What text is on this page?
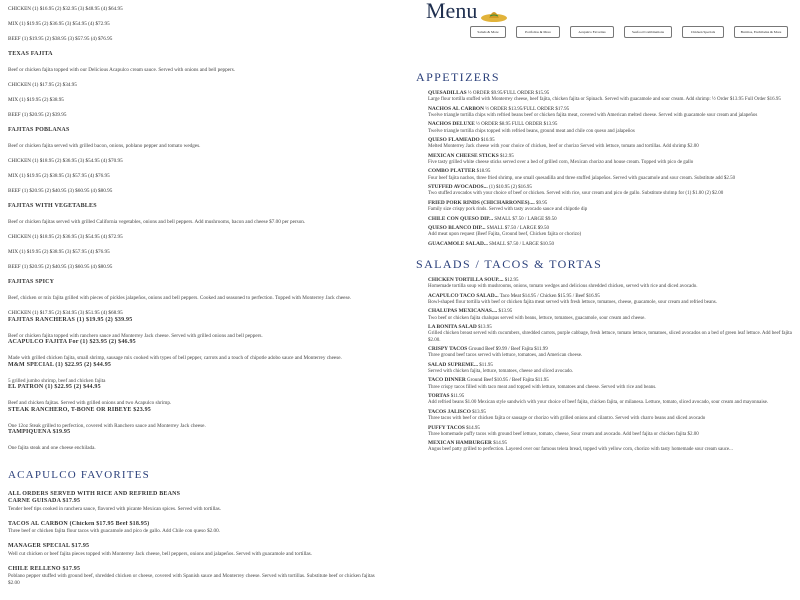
CHICKEN (1) $16.95 (2) $32.95 (3) $48.95 (4) $64.95
MIX (1) $19.95 (2) $36.95 (3) $54.95 (4) $72.95
BEEF (1) $19.95 (2) $38.95 (3) $57.95 (4) $76.95
TEXAS FAJITA
Beef or chicken fajita topped with our Delicious Acapulco cream sauce. Served with onions and bell peppers.
CHICKEN (1) $17.95 (2) $34.95
MIX (1) $19.95 (2) $38.95
BEEF (1) $20.95 (2) $39.95
FAJITAS POBLANAS
Beef or chicken fajita served with grilled bacon, onions, poblano pepper and tomato wedges.
CHICKEN (1) $18.95 (2) $36.95 (3) $54.95 (4) $70.95
MIX (1) $19.95 (2) $38.95 (3) $57.95 (4) $76.95
BEEF (1) $20.95 (2) $40.95 (3) $60.95 (4) $80.95
FAJITAS WITH VEGETABLES
Beef or chicken fajitas served with grilled California vegetables, onions and bell peppers. Add mushrooms, bacon and cheese $7.00 per person.
CHICKEN (1) $18.95 (2) $36.95 (3) $54.95 (4) $72.95
MIX (1) $19.95 (2) $38.95 (3) $57.95 (4) $76.95
BEEF (1) $20.95 (2) $40.95 (3) $60.95 (4) $80.95
FAJITAS SPICY
Beef, chicken or mix fajita grilled with pieces of pickles jalapeños, onions and bell peppers. Cooked and seasoned to perfection. Topped with Monterrey Jack cheese.
CHICKEN (1) $17.95 (2) $34.95 (3) $51.95 (4) $68.95
FAJITAS RANCHERAS (1) $19.95 (2) $39.95
Beef or chicken fajita topped with ranchero sauce and Monterrey Jack cheese. Served with grilled onions and bell peppers.
ACAPULCO FAJITA For (1) $23.95 (2) $46.95
Made with grilled chicken fajita, small shrimp, sausage mix cooked with types of bell pepper, carrots and a touch of chipotle adobo sauce and Monterrey cheese.
M&M SPECIAL (1) $22.95 (2) $44.95
5 grilled jumbo shrimp, beef and chicken fajita
EL PATRON (1) $22.95 (2) $44.95
Beef and chicken fajitas. Served with grilled onions and two Acapulco shrimp.
STEAK RANCHERO, T-BONE OR RIBEYE $23.95
One 12oz Steak grilled to perfection, covered with Ranchero sauce and Monterrey Jack cheese.
TAMPIQUEÑA $19.95
One fajita steak and one cheese enchilada.
ACAPULCO FAVORITES
ALL ORDERS SERVED WITH RICE AND REFRIED BEANS
CARNE GUISADA $17.95
Tender beef tips cooked in ranchera sauce, flavored with picante Mexican spices. Served with tortillas.
TACOS AL CARBON (Chicken $17.95 Beef $18.95)
Three beef or chicken fajita flour tacos with guacamole and pico de gallo. Add Chile con queso $2.00.
MANAGER SPECIAL $17.95
Well cut chicken or beef fajita pieces topped with Monterrey Jack cheese, bell peppers, onions and jalapeños. Served with guacamole and tortillas.
CHILE RELLENO $17.95
Poblano pepper stuffed with ground beef, shredded chicken or cheese, covered with Spanish sauce and Monterrey cheese. Served with tortillas. Substitute beef or chicken fajitas
$2.00
Menu
Salads & More	Portfolios & More	Acapulco Favorites	Seafood Combinations	Chicken Specials	Burritos, Enchiladas & More
APPETIZERS
QUESADILLAS ½ ORDER $9.95/FULL ORDER $15.95
Large flour tortilla stuffed with Monterrey cheese, beef fajita, chicken fajita or Spinach. Served with guacamole and sour cream. Add shrimp: ½ Order $13.95 Full Order $16.95
NACHOS AL CARBON ½ ORDER $13.95/FULL ORDER $17.95
Twelve triangle tortilla chips with refried beans beef or chicken fajita meat, covered with American melted cheese. Served with guacamole sour cream and jalapeños
NACHOS DELUXE ½ ORDER $8.95 FULL ORDER $13.95
Twelve triangle tortilla chips topped with refried beans, ground meat and chile con queso and jalapeños
QUESO FLAMEADO $16.95
Melted Monterrey Jack cheese with your choice of chicken, beef or chorizo Served with lettuce, tomato and tortillas. Add shrimp $2.00
MEXICAN CHEESE STICKS $12.95
Five tasty grilled white cheese sticks served over a bed of grilled corn, Mexican chorizo and house cream. Topped with pico de gallo
COMBO PLATTER $18.95
Four beef fajita nachos, three fried shrimp, one small quesadilla and three stuffed jalapeños. Served with guacamole and sour cream. Substitute add $2.50
STUFFED AVOCADOS... (1) $10.95 (2) $16.95
Two stuffed avocados with your choice of beef or chicken. Served with rice, sour cream and pico de gallo. Substitute shrimp for (1) $1.00 (2) $2.00
FRIED PORK RINDS (CHICHARRONES).... $9.95
Family size crispy pork rinds. Served with tasty avocado sauce and chipotle dip
CHILE CON QUESO DIP... SMALL $7.50 / LARGE $9.50
QUESO BLANCO DIP... SMALL $7.50 / LARGE $9.50
Add meat upon request (Beef Fajita, Ground beef, Chicken fajita or chorizo)
GUACAMOLE SALAD... SMALL $7.50 / LARGE $10.50
SALADS / TACOS & TORTAS
CHICKEN TORTILLA SOUP.... $12.95
Homemade tortilla soup with mushrooms, onions, tomato wedges and delicious shredded chicken, served with rice and diced avocado.
ACAPULCO TACO SALAD... Taco Meat $14.95 / Chicken $15.95 / Beef $16.95
Bowl-shaped flour tortilla with beef or chicken fajita meat served with fresh lettuce, tomatoes, cheese, guacamole, sour cream and refried beans.
CHALUPAS MEXICANAS.... $13.95
Two beef or chicken fajita chalupas served with beans, lettuce, tomatoes, guacamole, sour cream and cheese.
LA BONITA SALAD $13.95
Grilled chicken breast served with cucumbers, shredded carrots, purple cabbage, fresh lettuce, tomato lettuce, tomatoes, sliced avocados on a bed of green leaf lettuce. Add beef fajita $2.00.
CRISPY TACOS Ground Beef $9.99 / Beef Fajita $11.99
Three ground beef tacos served with lettuce, tomatoes, and American cheese.
SALAD SUPREME... $11.95
Served with chicken fajita, lettuce, tomatoes, cheese and sliced avocado.
TACO DINNER Ground Beef $10.95 / Beef Fajita $11.95
Three crispy tacos filled with taco meat and topped with lettuce, tomatoes and cheese. Served with rice and beans.
TORTAS $11.95
Add refried beans $1.00 Mexican style sandwich with your choice of beef fajita, chicken fajita, or milanesa. Lettuce, tomato, sliced avocado, sour cream and mayonnaise.
TACOS JALISCO $13.95
Three tacos with beef or chicken fajita or sausage or chorizo with grilled onions and cilantro. Served with charro beans and sliced avocado
PUFFY TACOS $14.95
Three homemade puffy tacos with ground beef lettuce, tomato, cheese, Sour cream and avocado. Add beef fajita or chicken fajita $2.00
MEXICAN HAMBURGER $14.95
Angus beef patty grilled to perfection. Layered over our famous telera bread, topped with yellow corn, chorizo with tasty homemade sour cream sauce...
